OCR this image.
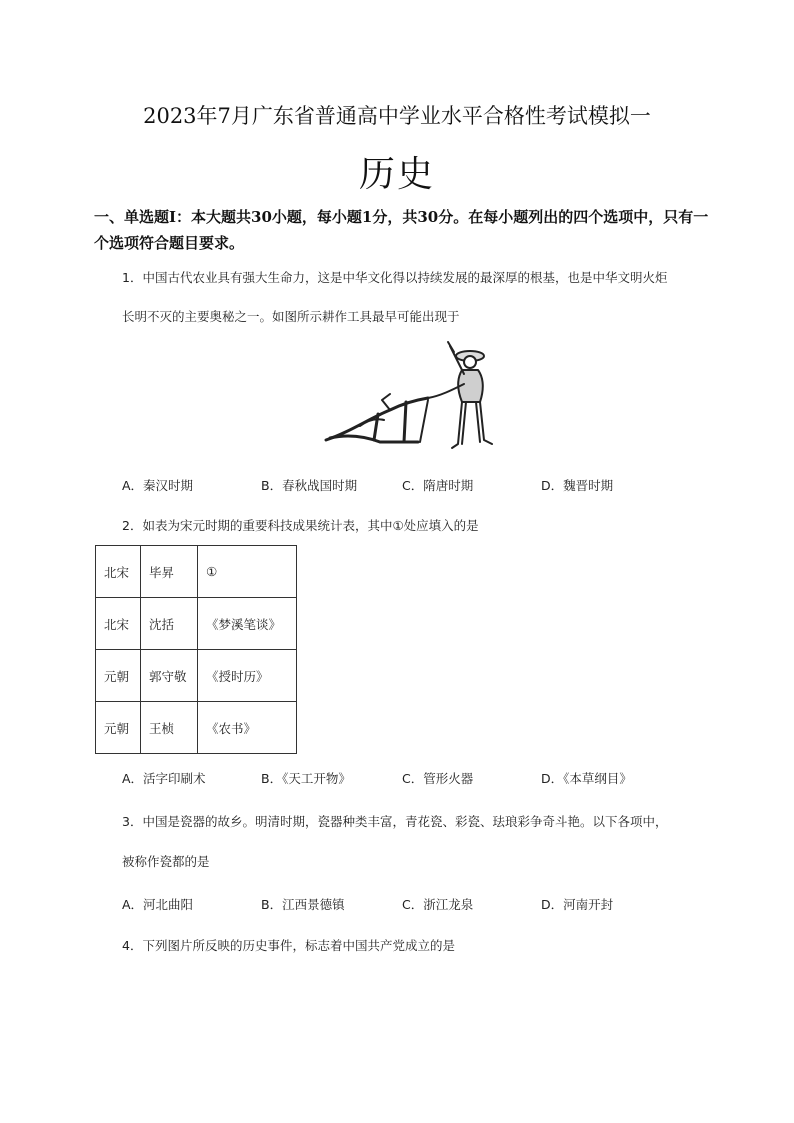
2023年7月广东省普通高中学业水平合格性考试模拟一
历史
一、单选题I：本大题共30小题，每小题1分，共30分。在每小题列出的四个选项中，只有一个选项符合题目要求。
1．中国古代农业具有强大生命力，这是中华文化得以持续发展的最深厚的根基，也是中华文明火炬
长明不灭的主要奥秘之一。如图所示耕作工具最早可能出现于
A．秦汉时期	B．春秋战国时期	C．隋唐时期	D．魏晋时期
2．如表为宋元时期的重要科技成果统计表，其中①处应填入的是
北宋	毕昇	①
北宋	沈括	《梦溪笔谈》
元朝	郭守敬	《授时历》
元朝	王桢	《农书》
A．活字印刷术	B．《天工开物》	C．管形火器	D．《本草纲目》
3．中国是瓷器的故乡。明清时期，瓷器种类丰富，青花瓷、彩瓷、珐琅彩争奇斗艳。以下各项中，
被称作瓷都的是
A．河北曲阳	B．江西景德镇	C．浙江龙泉	D．河南开封
4．下列图片所反映的历史事件，标志着中国共产党成立的是
